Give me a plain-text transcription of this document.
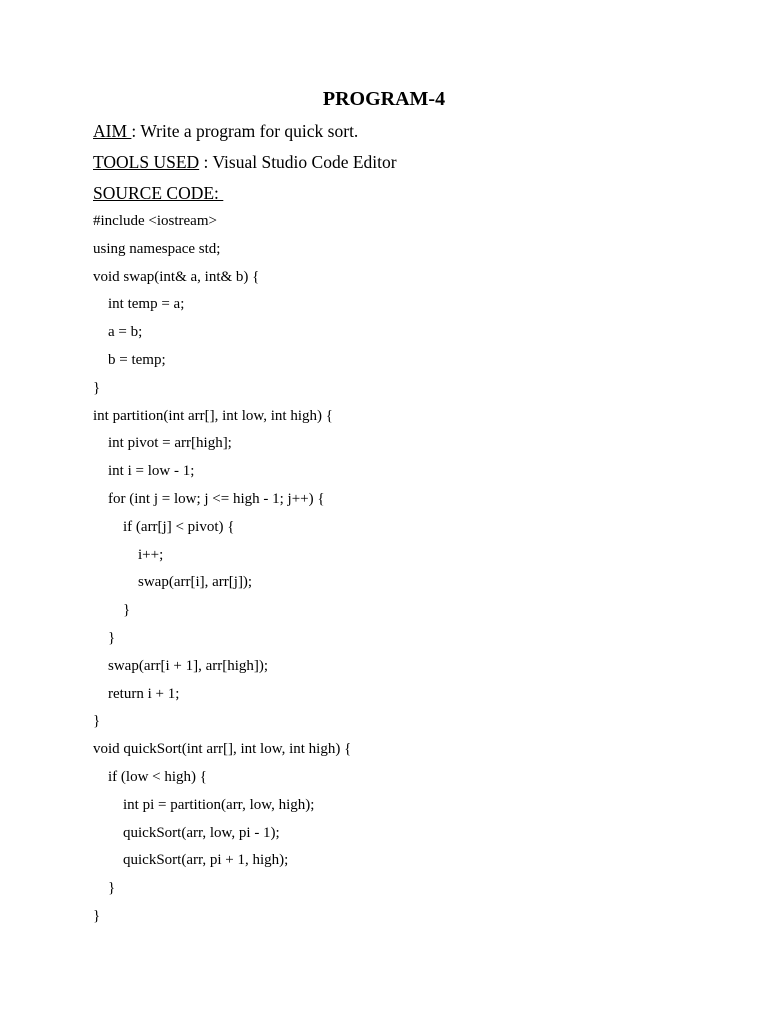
PROGRAM-4

AIM : Write a program for quick sort.

TOOLS USED : Visual Studio Code Editor

SOURCE CODE:

#include <iostream>
using namespace std;
void swap(int& a, int& b) {
int temp = a;
a = b;
b = temp;
}
int partition(int arr[], int low, int high) {
int pivot = arr[high];
int i = low - 1;
for (int j = low; j <= high - 1; j++) {
if (arr[j] < pivot) {
i++;
swap(arr[i], arr[j]);
}
}
swap(arr[i + 1], arr[high]);
return i + 1;
}
void quickSort(int arr[], int low, int high) {
if (low < high) {
int pi = partition(arr, low, high);
quickSort(arr, low, pi - 1);
quickSort(arr, pi + 1, high);
}
}
